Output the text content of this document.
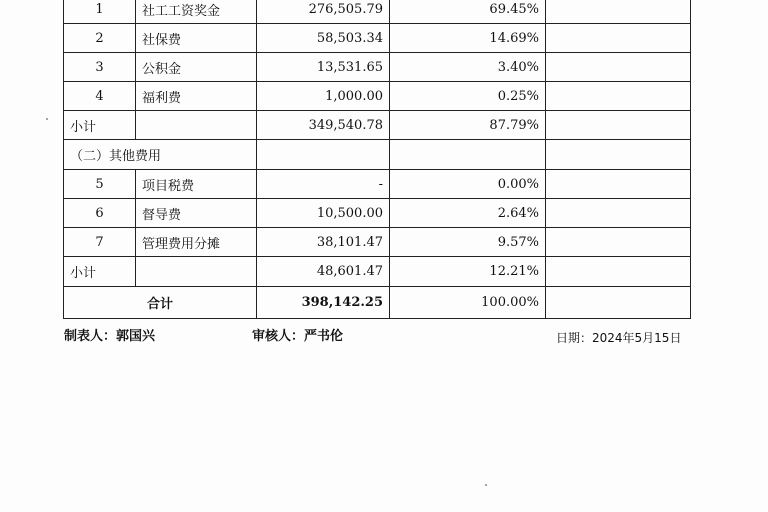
1	社工工资奖金	276,505.79	69.45%	
2	社保费	58,503.34	14.69%	
3	公积金	13,531.65	3.40%	
4	福利费	1,000.00	0.25%	
小计		349,540.78	87.79%	
（二）其他费用				
5	项目税费	-	0.00%	
6	督导费	10,500.00	2.64%	
7	管理费用分摊	38,101.47	9.57%	
小计		48,601.47	12.21%	
合计		398,142.25	100.00%	
制表人：郭国兴	审核人：严书伦	日期：2024年5月15日
